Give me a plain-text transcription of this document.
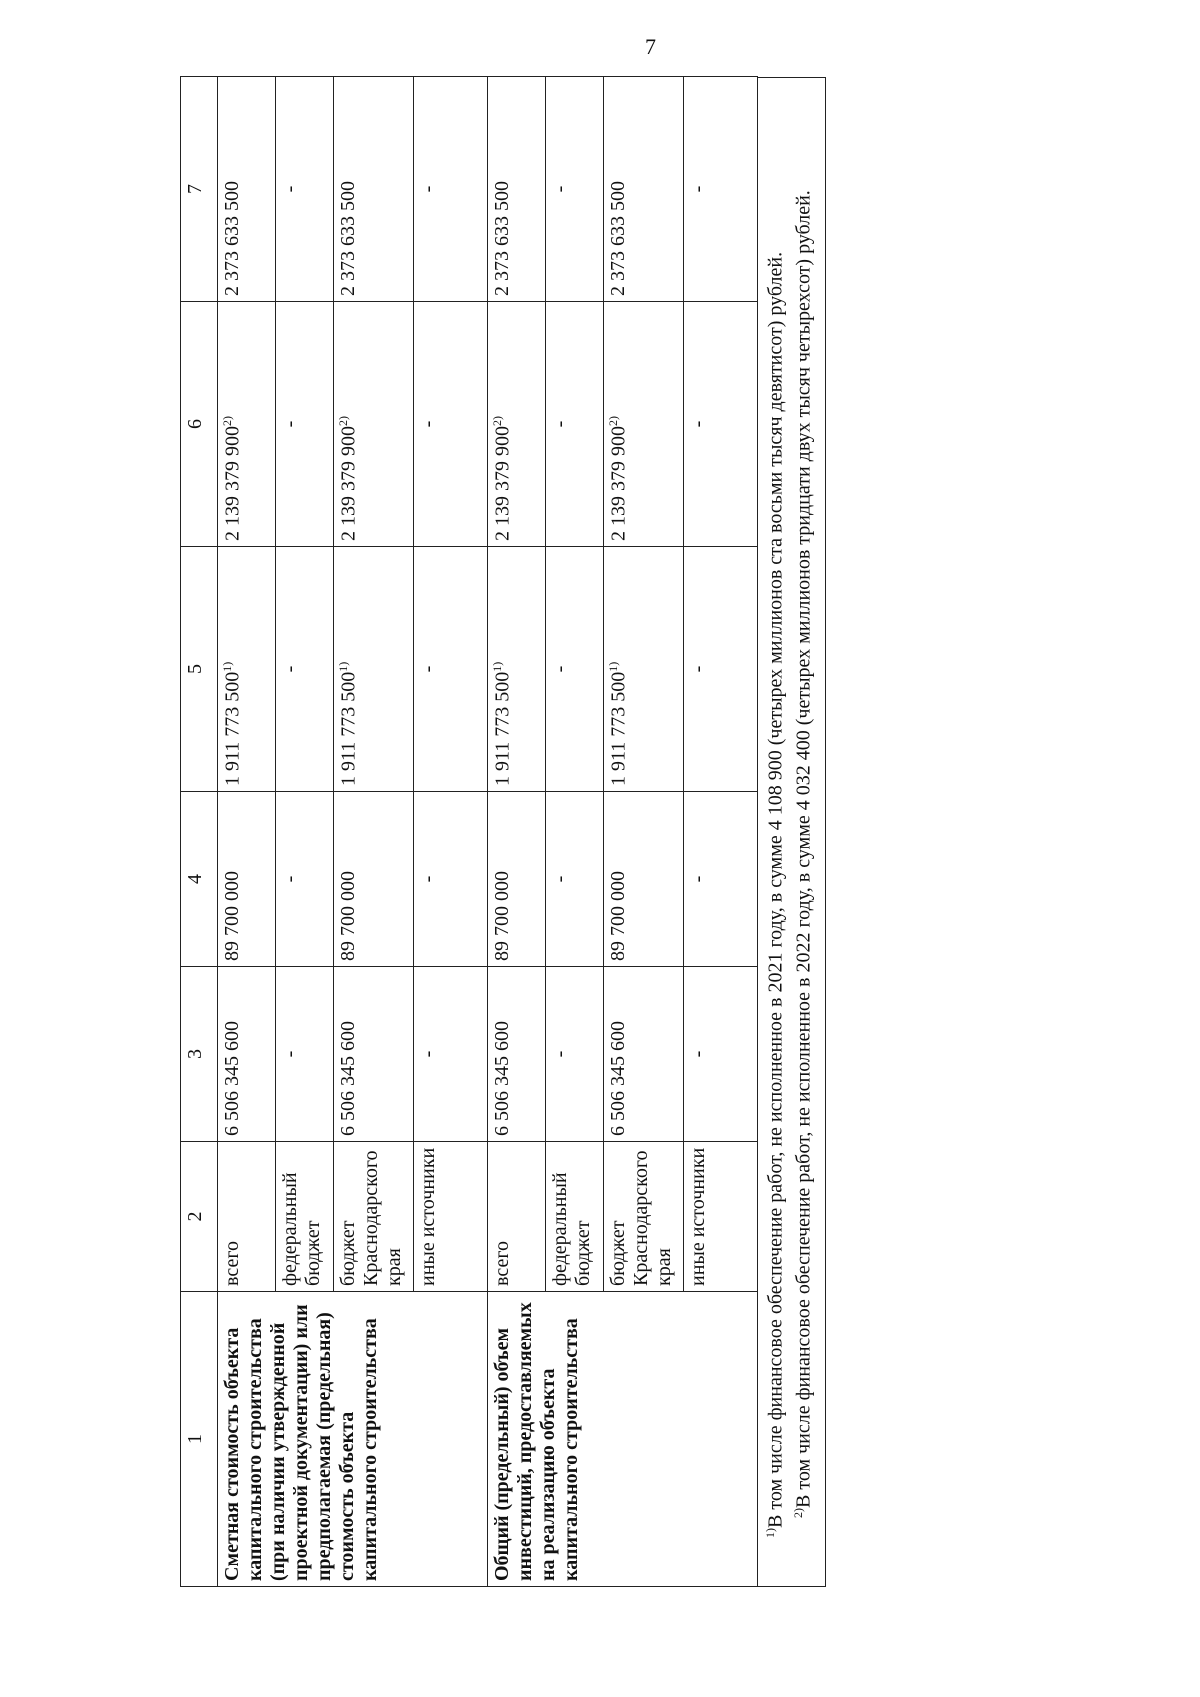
7
1	2	3	4	5	6	7
Сметная стоимость объекта капитального строительства (при наличии утвержденной проектной документации) или предполагаемая (предельная) стоимость объекта капитального строительства	всего	6 506 345 600	89 700 000	1 911 773 500$^{1)}$	2 139 379 900$^{2)}$	2 373 633 500
	федеральный бюджет	-	-	-	-	-
	бюджет Краснодарского края	6 506 345 600	89 700 000	1 911 773 500$^{1)}$	2 139 379 900$^{2)}$	2 373 633 500
	иные источники	-	-	-	-	-
Общий (предельный) объем инвестиций, предоставляемых на реализацию объекта капитального строительства	всего	6 506 345 600	89 700 000	1 911 773 500$^{1)}$	2 139 379 900$^{2)}$	2 373 633 500
	федеральный бюджет	-	-	-	-	-
	бюджет Краснодарского края	6 506 345 600	89 700 000	1 911 773 500$^{1)}$	2 139 379 900$^{2)}$	2 373 633 500
	иные источники	-	-	-	-	-

$^{1)}$В том числе финансовое обеспечение работ, не исполненное в 2021 году, в сумме 4 108 900 (четырех миллионов ста восьми тысяч девятисот) рублей. $^{2)}$В том числе финансовое обеспечение работ, не исполненное в 2022 году, в сумме 4 032 400 (четырех миллионов тридцати двух тысяч четырехсот) рублей.
